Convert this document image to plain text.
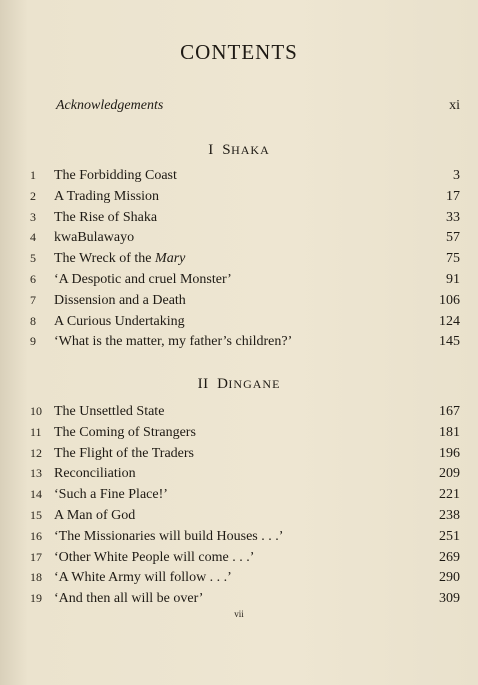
CONTENTS
Acknowledgements	xi
I SHAKA
1	The Forbidding Coast	3
2	A Trading Mission	17
3	The Rise of Shaka	33
4	kwaBulawayo	57
5	The Wreck of the Mary	75
6	‘A Despotic and cruel Monster’	91
7	Dissension and a Death	106
8	A Curious Undertaking	124
9	‘What is the matter, my father’s children?’	145
II DINGANE
10 The Unsettled State	167
11 The Coming of Strangers	181
12 The Flight of the Traders	196
13 Reconciliation	209
14 ‘Such a Fine Place!’	221
15 A Man of God	238
16 ‘The Missionaries will build Houses . . .’	251
17 ‘Other White People will come . . .’	269
18 ‘A White Army will follow . . .’	290
19 ‘And then all will be over’	309
vii
